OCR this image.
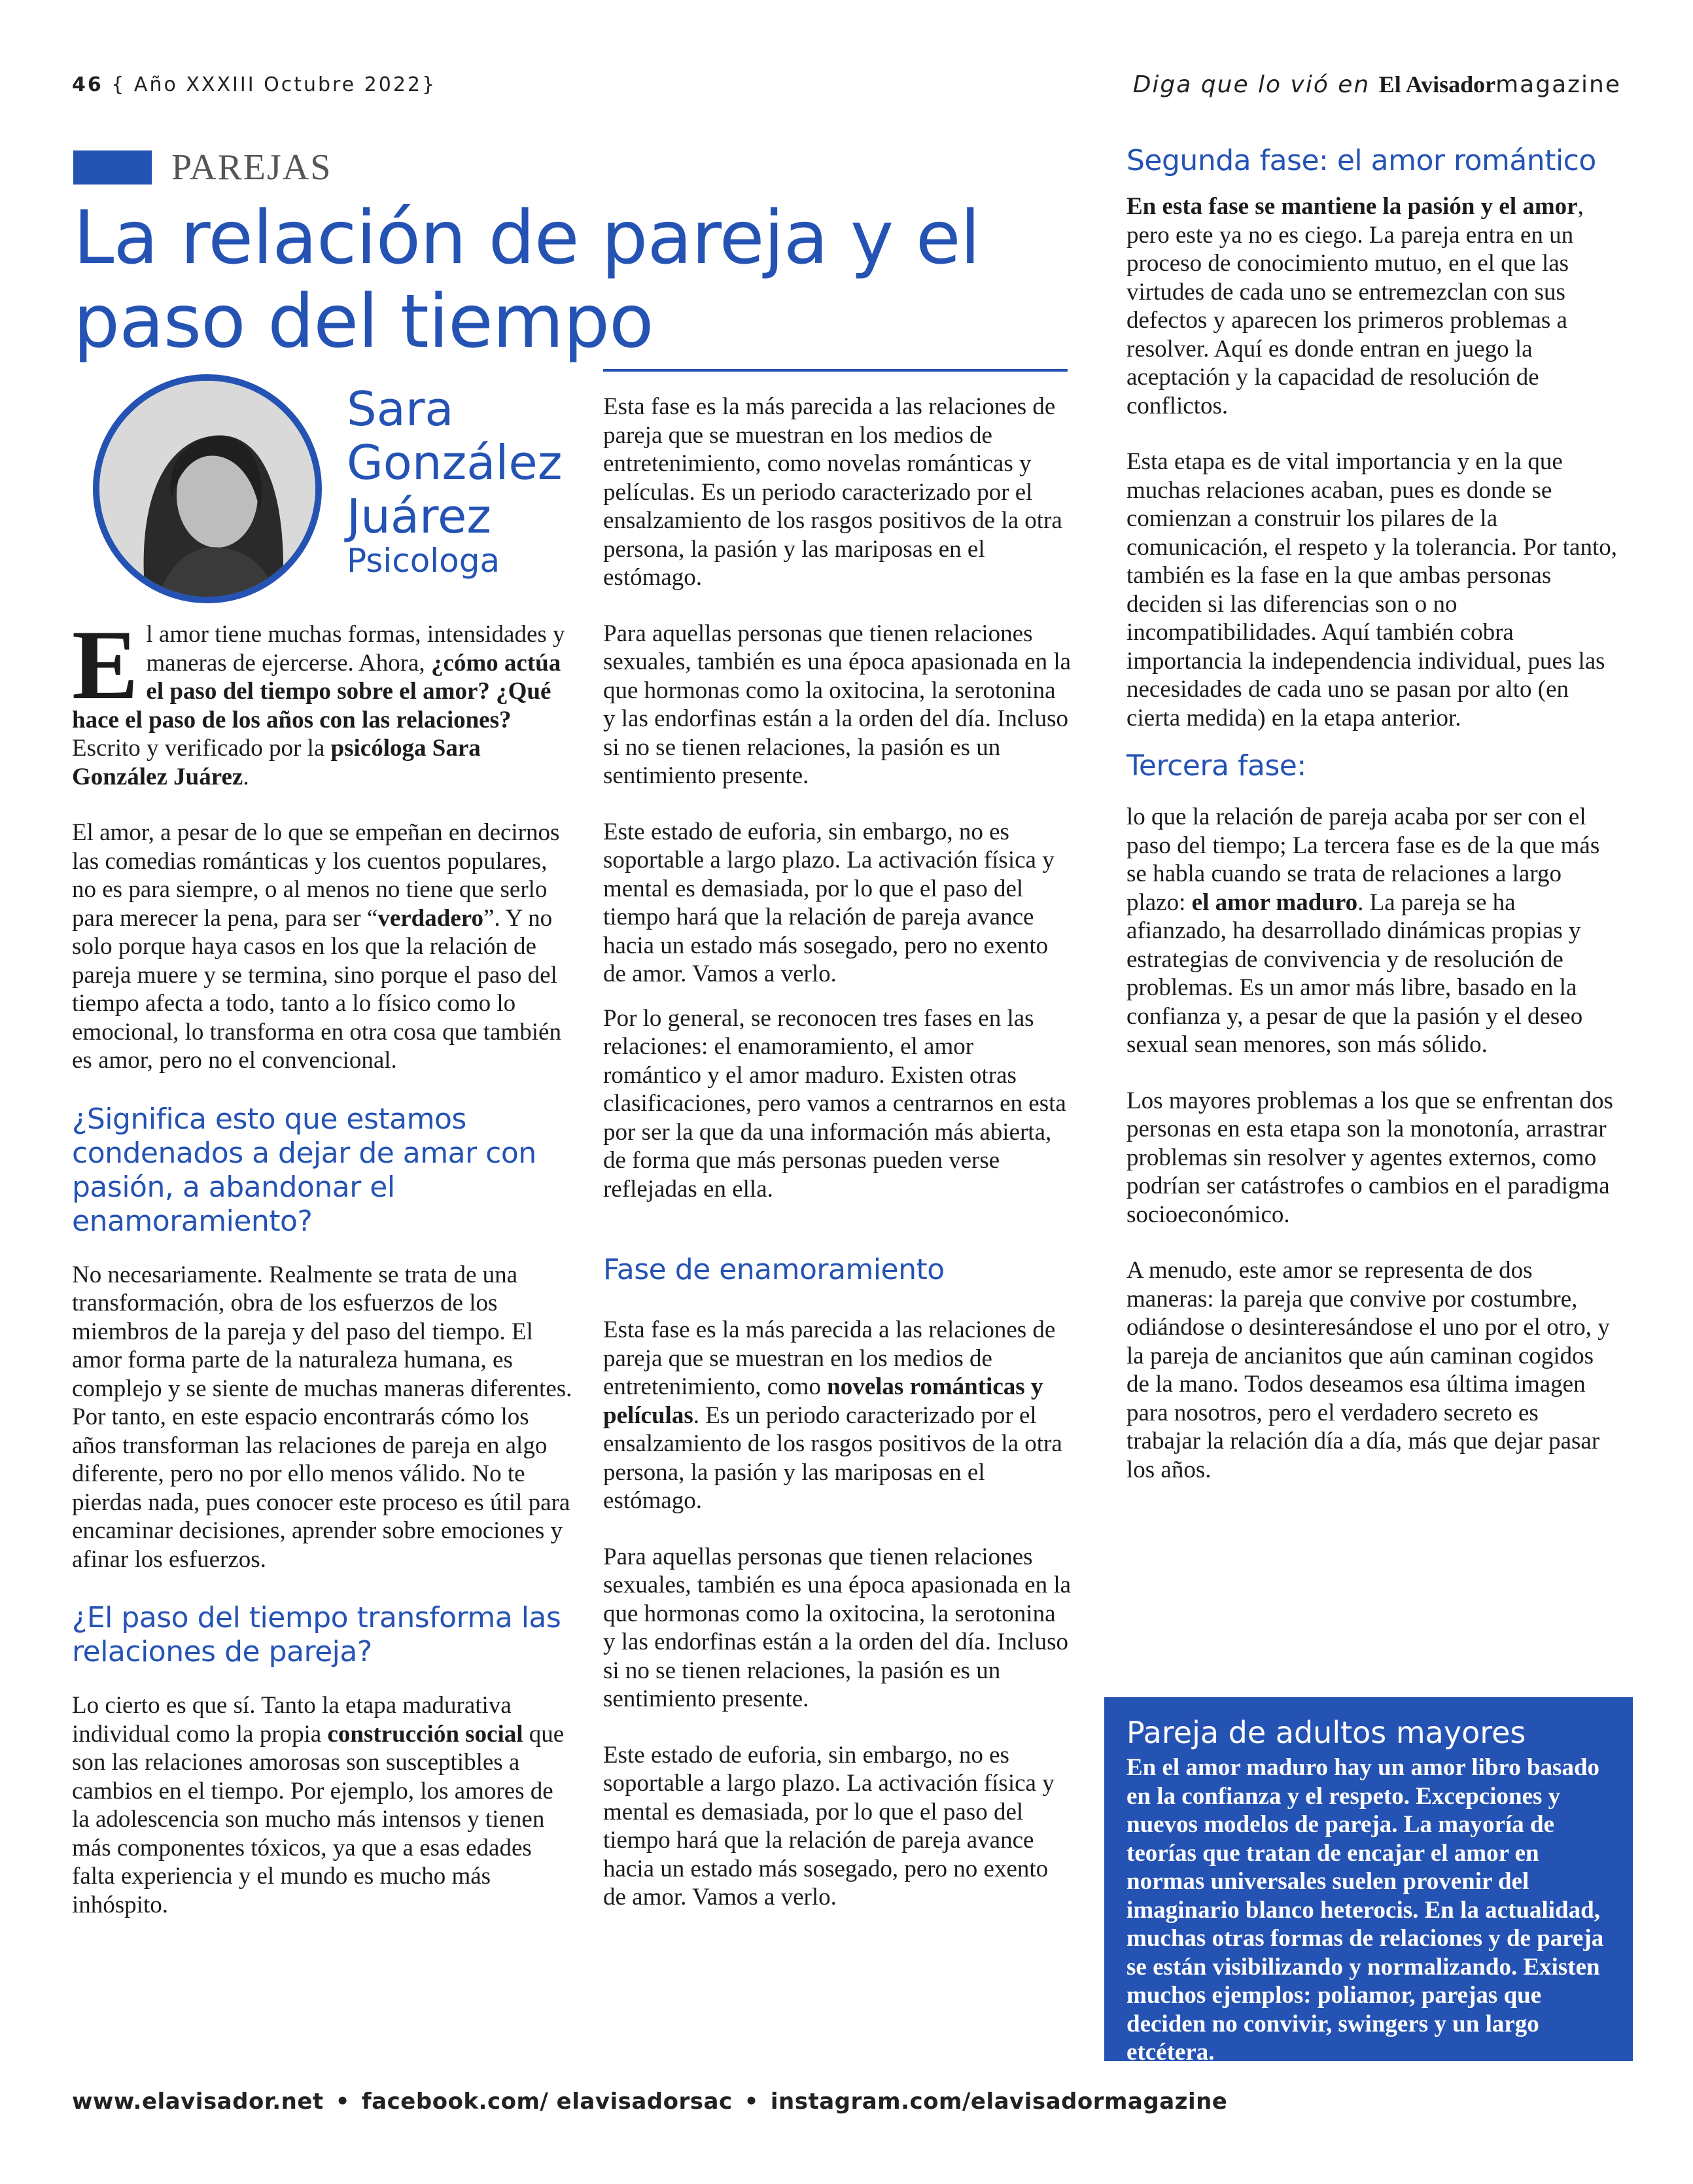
46 { Año XXXIII Octubre 2022}	Diga que lo vió en El Avisadormagazine
PAREJAS
La relación de pareja y el paso del tiempo
Sara
González
Juárez
Psicologa

El amor tiene muchas formas, intensidades y maneras de ejercerse. Ahora, ¿cómo actúa el paso del tiempo sobre el amor? ¿Qué hace el paso de los años con las relaciones? Escrito y verificado por la psicóloga Sara González Juárez.

El amor, a pesar de lo que se empeñan en decirnos las comedias románticas y los cuentos populares, no es para siempre, o al menos no tiene que serlo para merecer la pena, para ser “verdadero”. Y no solo porque haya casos en los que la relación de pareja muere y se termina, sino porque el paso del tiempo afecta a todo, tanto a lo físico como lo emocional, lo transforma en otra cosa que también es amor, pero no el convencional.

¿Significa esto que estamos condenados a dejar de amar con pasión, a abandonar el enamoramiento?

No necesariamente. Realmente se trata de una transformación, obra de los esfuerzos de los miembros de la pareja y del paso del tiempo. El amor forma parte de la naturaleza humana, es complejo y se siente de muchas maneras diferentes. Por tanto, en este espacio encontrarás cómo los años transforman las relaciones de pareja en algo diferente, pero no por ello menos válido. No te pierdas nada, pues conocer este proceso es útil para encaminar decisiones, aprender sobre emociones y afinar los esfuerzos.

¿El paso del tiempo transforma las relaciones de pareja?

Lo cierto es que sí. Tanto la etapa madurativa individual como la propia construcción social que son las relaciones amorosas son susceptibles a cambios en el tiempo. Por ejemplo, los amores de la adolescencia son mucho más intensos y tienen más componentes tóxicos, ya que a esas edades falta experiencia y el mundo es mucho más inhóspito.

Esta fase es la más parecida a las relaciones de pareja que se muestran en los medios de entretenimiento, como novelas románticas y películas. Es un periodo caracterizado por el ensalzamiento de los rasgos positivos de la otra persona, la pasión y las mariposas en el estómago.

Para aquellas personas que tienen relaciones sexuales, también es una época apasionada en la que hormonas como la oxitocina, la serotonina y las endorfinas están a la orden del día. Incluso si no se tienen relaciones, la pasión es un sentimiento presente.

Este estado de euforia, sin embargo, no es soportable a largo plazo. La activación física y mental es demasiada, por lo que el paso del tiempo hará que la relación de pareja avance hacia un estado más sosegado, pero no exento de amor. Vamos a verlo.

Por lo general, se reconocen tres fases en las relaciones: el enamoramiento, el amor romántico y el amor maduro. Existen otras clasificaciones, pero vamos a centrarnos en esta por ser la que da una información más abierta, de forma que más personas pueden verse reflejadas en ella.

Fase de enamoramiento

Esta fase es la más parecida a las relaciones de pareja que se muestran en los medios de entretenimiento, como novelas románticas y películas. Es un periodo caracterizado por el ensalzamiento de los rasgos positivos de la otra persona, la pasión y las mariposas en el estómago.

Para aquellas personas que tienen relaciones sexuales, también es una época apasionada en la que hormonas como la oxitocina, la serotonina y las endorfinas están a la orden del día. Incluso si no se tienen relaciones, la pasión es un sentimiento presente.

Este estado de euforia, sin embargo, no es soportable a largo plazo. La activación física y mental es demasiada, por lo que el paso del tiempo hará que la relación de pareja avance hacia un estado más sosegado, pero no exento de amor. Vamos a verlo.

Segunda fase: el amor romántico

En esta fase se mantiene la pasión y el amor, pero este ya no es ciego. La pareja entra en un proceso de conocimiento mutuo, en el que las virtudes de cada uno se entremezclan con sus defectos y aparecen los primeros problemas a resolver. Aquí es donde entran en juego la aceptación y la capacidad de resolución de conflictos.

Esta etapa es de vital importancia y en la que muchas relaciones acaban, pues es donde se comienzan a construir los pilares de la comunicación, el respeto y la tolerancia. Por tanto, también es la fase en la que ambas personas deciden si las diferencias son o no incompatibilidades. Aquí también cobra importancia la independencia individual, pues las necesidades de cada uno se pasan por alto (en cierta medida) en la etapa anterior.

Tercera fase:

lo que la relación de pareja acaba por ser con el paso del tiempo; La tercera fase es de la que más se habla cuando se trata de relaciones a largo plazo: el amor maduro. La pareja se ha afianzado, ha desarrollado dinámicas propias y estrategias de convivencia y de resolución de problemas. Es un amor más libre, basado en la confianza y, a pesar de que la pasión y el deseo sexual sean menores, son más sólido.

Los mayores problemas a los que se enfrentan dos personas en esta etapa son la monotonía, arrastrar problemas sin resolver y agentes externos, como podrían ser catástrofes o cambios en el paradigma socioeconómico.

A menudo, este amor se representa de dos maneras: la pareja que convive por costumbre, odiándose o desinteresándose el uno por el otro, y la pareja de ancianitos que aún caminan cogidos de la mano. Todos deseamos esa última imagen para nosotros, pero el verdadero secreto es trabajar la relación día a día, más que dejar pasar los años.

Pareja de adultos mayores

En el amor maduro hay un amor libro basado en la confianza y el respeto. Excepciones y nuevos modelos de pareja. La mayoría de teorías que tratan de encajar el amor en normas universales suelen provenir del imaginario blanco heterocis. En la actualidad, muchas otras formas de relaciones y de pareja se están visibilizando y normalizando. Existen muchos ejemplos: poliamor, parejas que deciden no convivir, swingers y un largo etcétera.

www.elavisador.net • facebook.com/ elavisadorsac • instagram.com/elavisadormagazine
